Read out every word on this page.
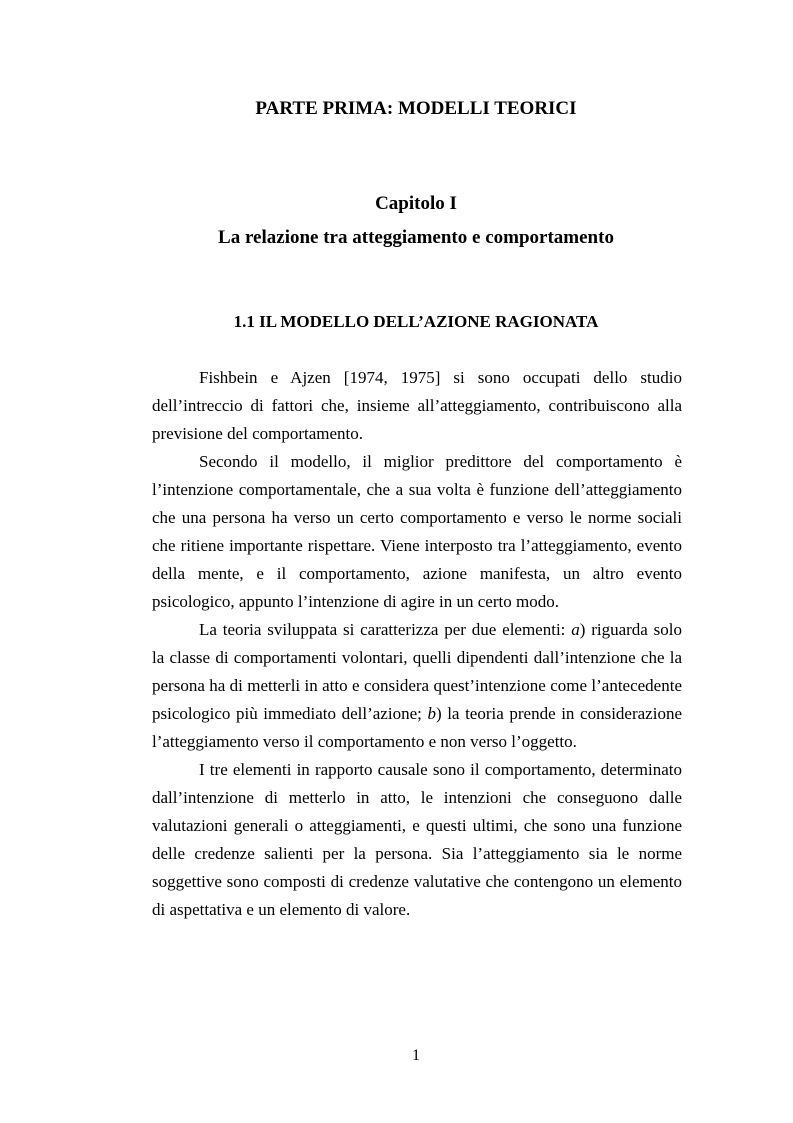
PARTE PRIMA: MODELLI TEORICI
Capitolo I
La relazione tra atteggiamento e comportamento
1.1 IL MODELLO DELL’AZIONE RAGIONATA

Fishbein e Ajzen [1974, 1975] si sono occupati dello studio dell’intreccio di fattori che, insieme all’atteggiamento, contribuiscono alla previsione del comportamento.

Secondo il modello, il miglior predittore del comportamento è l’intenzione comportamentale, che a sua volta è funzione dell’atteggiamento che una persona ha verso un certo comportamento e verso le norme sociali che ritiene importante rispettare. Viene interposto tra l’atteggiamento, evento della mente, e il comportamento, azione manifesta, un altro evento psicologico, appunto l’intenzione di agire in un certo modo.

La teoria sviluppata si caratterizza per due elementi: a) riguarda solo la classe di comportamenti volontari, quelli dipendenti dall’intenzione che la persona ha di metterli in atto e considera quest’intenzione come l’antecedente psicologico più immediato dell’azione; b) la teoria prende in considerazione l’atteggiamento verso il comportamento e non verso l’oggetto.

I tre elementi in rapporto causale sono il comportamento, determinato dall’intenzione di metterlo in atto, le intenzioni che conseguono dalle valutazioni generali o atteggiamenti, e questi ultimi, che sono una funzione delle credenze salienti per la persona. Sia l’atteggiamento sia le norme soggettive sono composti di credenze valutative che contengono un elemento di aspettativa e un elemento di valore.

1
